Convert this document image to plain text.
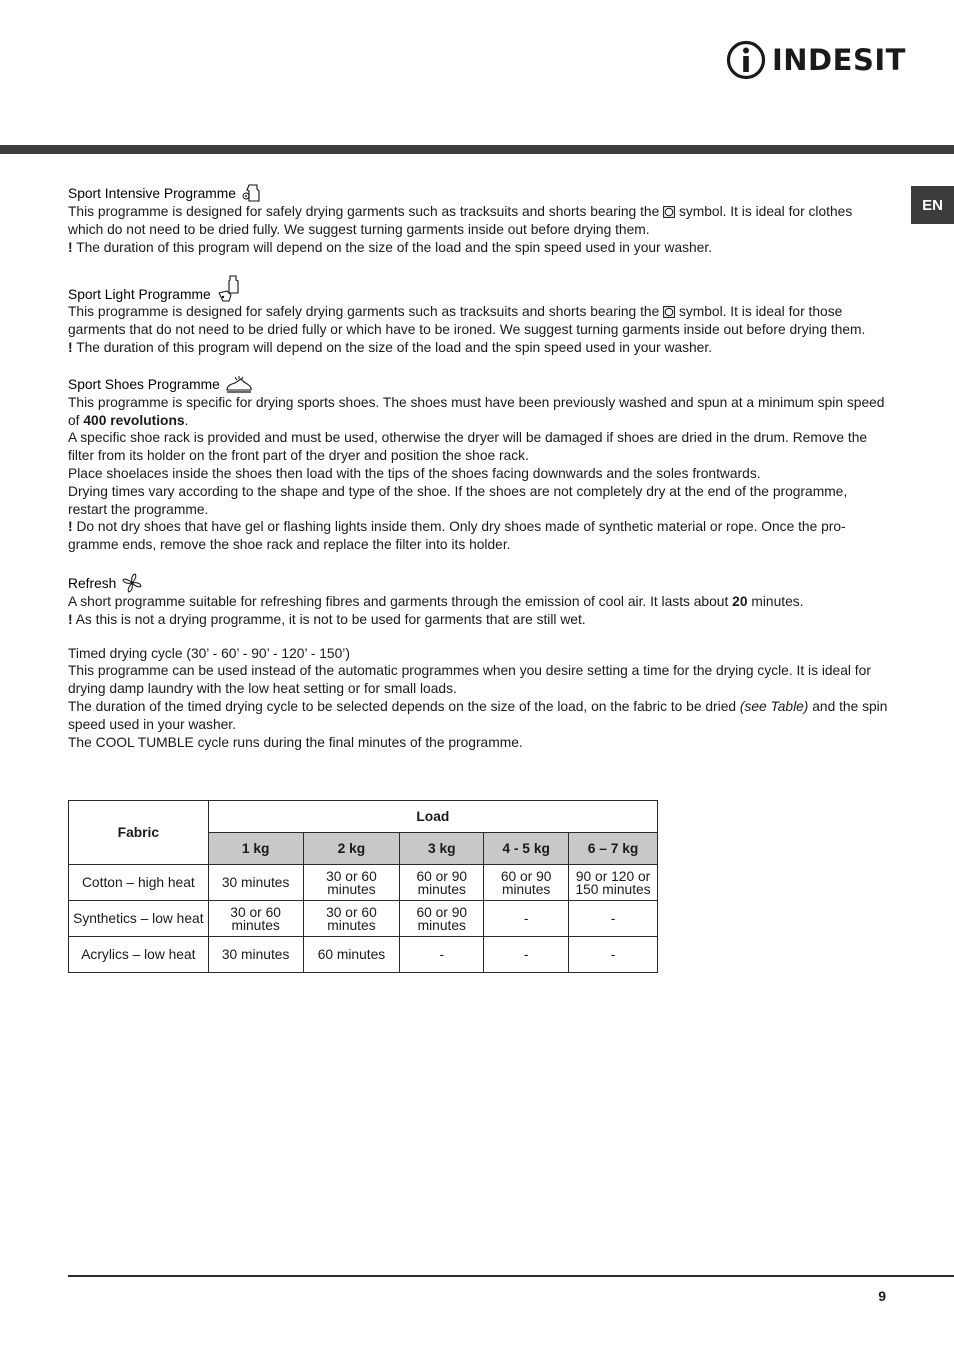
INDESIT
EN
Sport Intensive Programme

This programme is designed for safely drying garments such as tracksuits and shorts bearing the symbol. It is ideal for clothes which do not need to be dried fully. We suggest turning garments inside out before drying them.

! The duration of this program will depend on the size of the load and the spin speed used in your washer.

Sport Light Programme

This programme is designed for safely drying garments such as tracksuits and shorts bearing the symbol. It is ideal for those garments that do not need to be dried fully or which have to be ironed. We suggest turning garments inside out before drying them.

! The duration of this program will depend on the size of the load and the spin speed used in your washer.

Sport Shoes Programme

This programme is specific for drying sports shoes. The shoes must have been previously washed and spun at a minimum spin speed of 400 revolutions.

A specific shoe rack is provided and must be used, otherwise the dryer will be damaged if shoes are dried in the drum. Remove the filter from its holder on the front part of the dryer and position the shoe rack.

Place shoelaces inside the shoes then load with the tips of the shoes facing downwards and the soles frontwards.

Drying times vary according to the shape and type of the shoe. If the shoes are not completely dry at the end of the programme, restart the programme.

! Do not dry shoes that have gel or flashing lights inside them. Only dry shoes made of synthetic material or rope. Once the pro-gramme ends, remove the shoe rack and replace the filter into its holder.

Refresh

A short programme suitable for refreshing fibres and garments through the emission of cool air. It lasts about 20 minutes.

! As this is not a drying programme, it is not to be used for garments that are still wet.

Timed drying cycle (30’ - 60’ - 90’ - 120’ - 150’)

This programme can be used instead of the automatic programmes when you desire setting a time for the drying cycle. It is ideal for drying damp laundry with the low heat setting or for small loads.

The duration of the timed drying cycle to be selected depends on the size of the load, on the fabric to be dried (see Table) and the spin speed used in your washer.

The COOL TUMBLE cycle runs during the final minutes of the programme.

Fabric	Load				
	1 kg	2 kg	3 kg	4 - 5 kg	6 – 7 kg
Cotton – high heat	30 minutes	30 or 60 minutes	60 or 90 minutes	60 or 90 minutes	90 or 120 or 150 minutes
Synthetics – low heat	30 or 60 minutes	30 or 60 minutes	60 or 90 minutes	-	-
Acrylics – low heat	30 minutes	60 minutes	-	-	-
9
